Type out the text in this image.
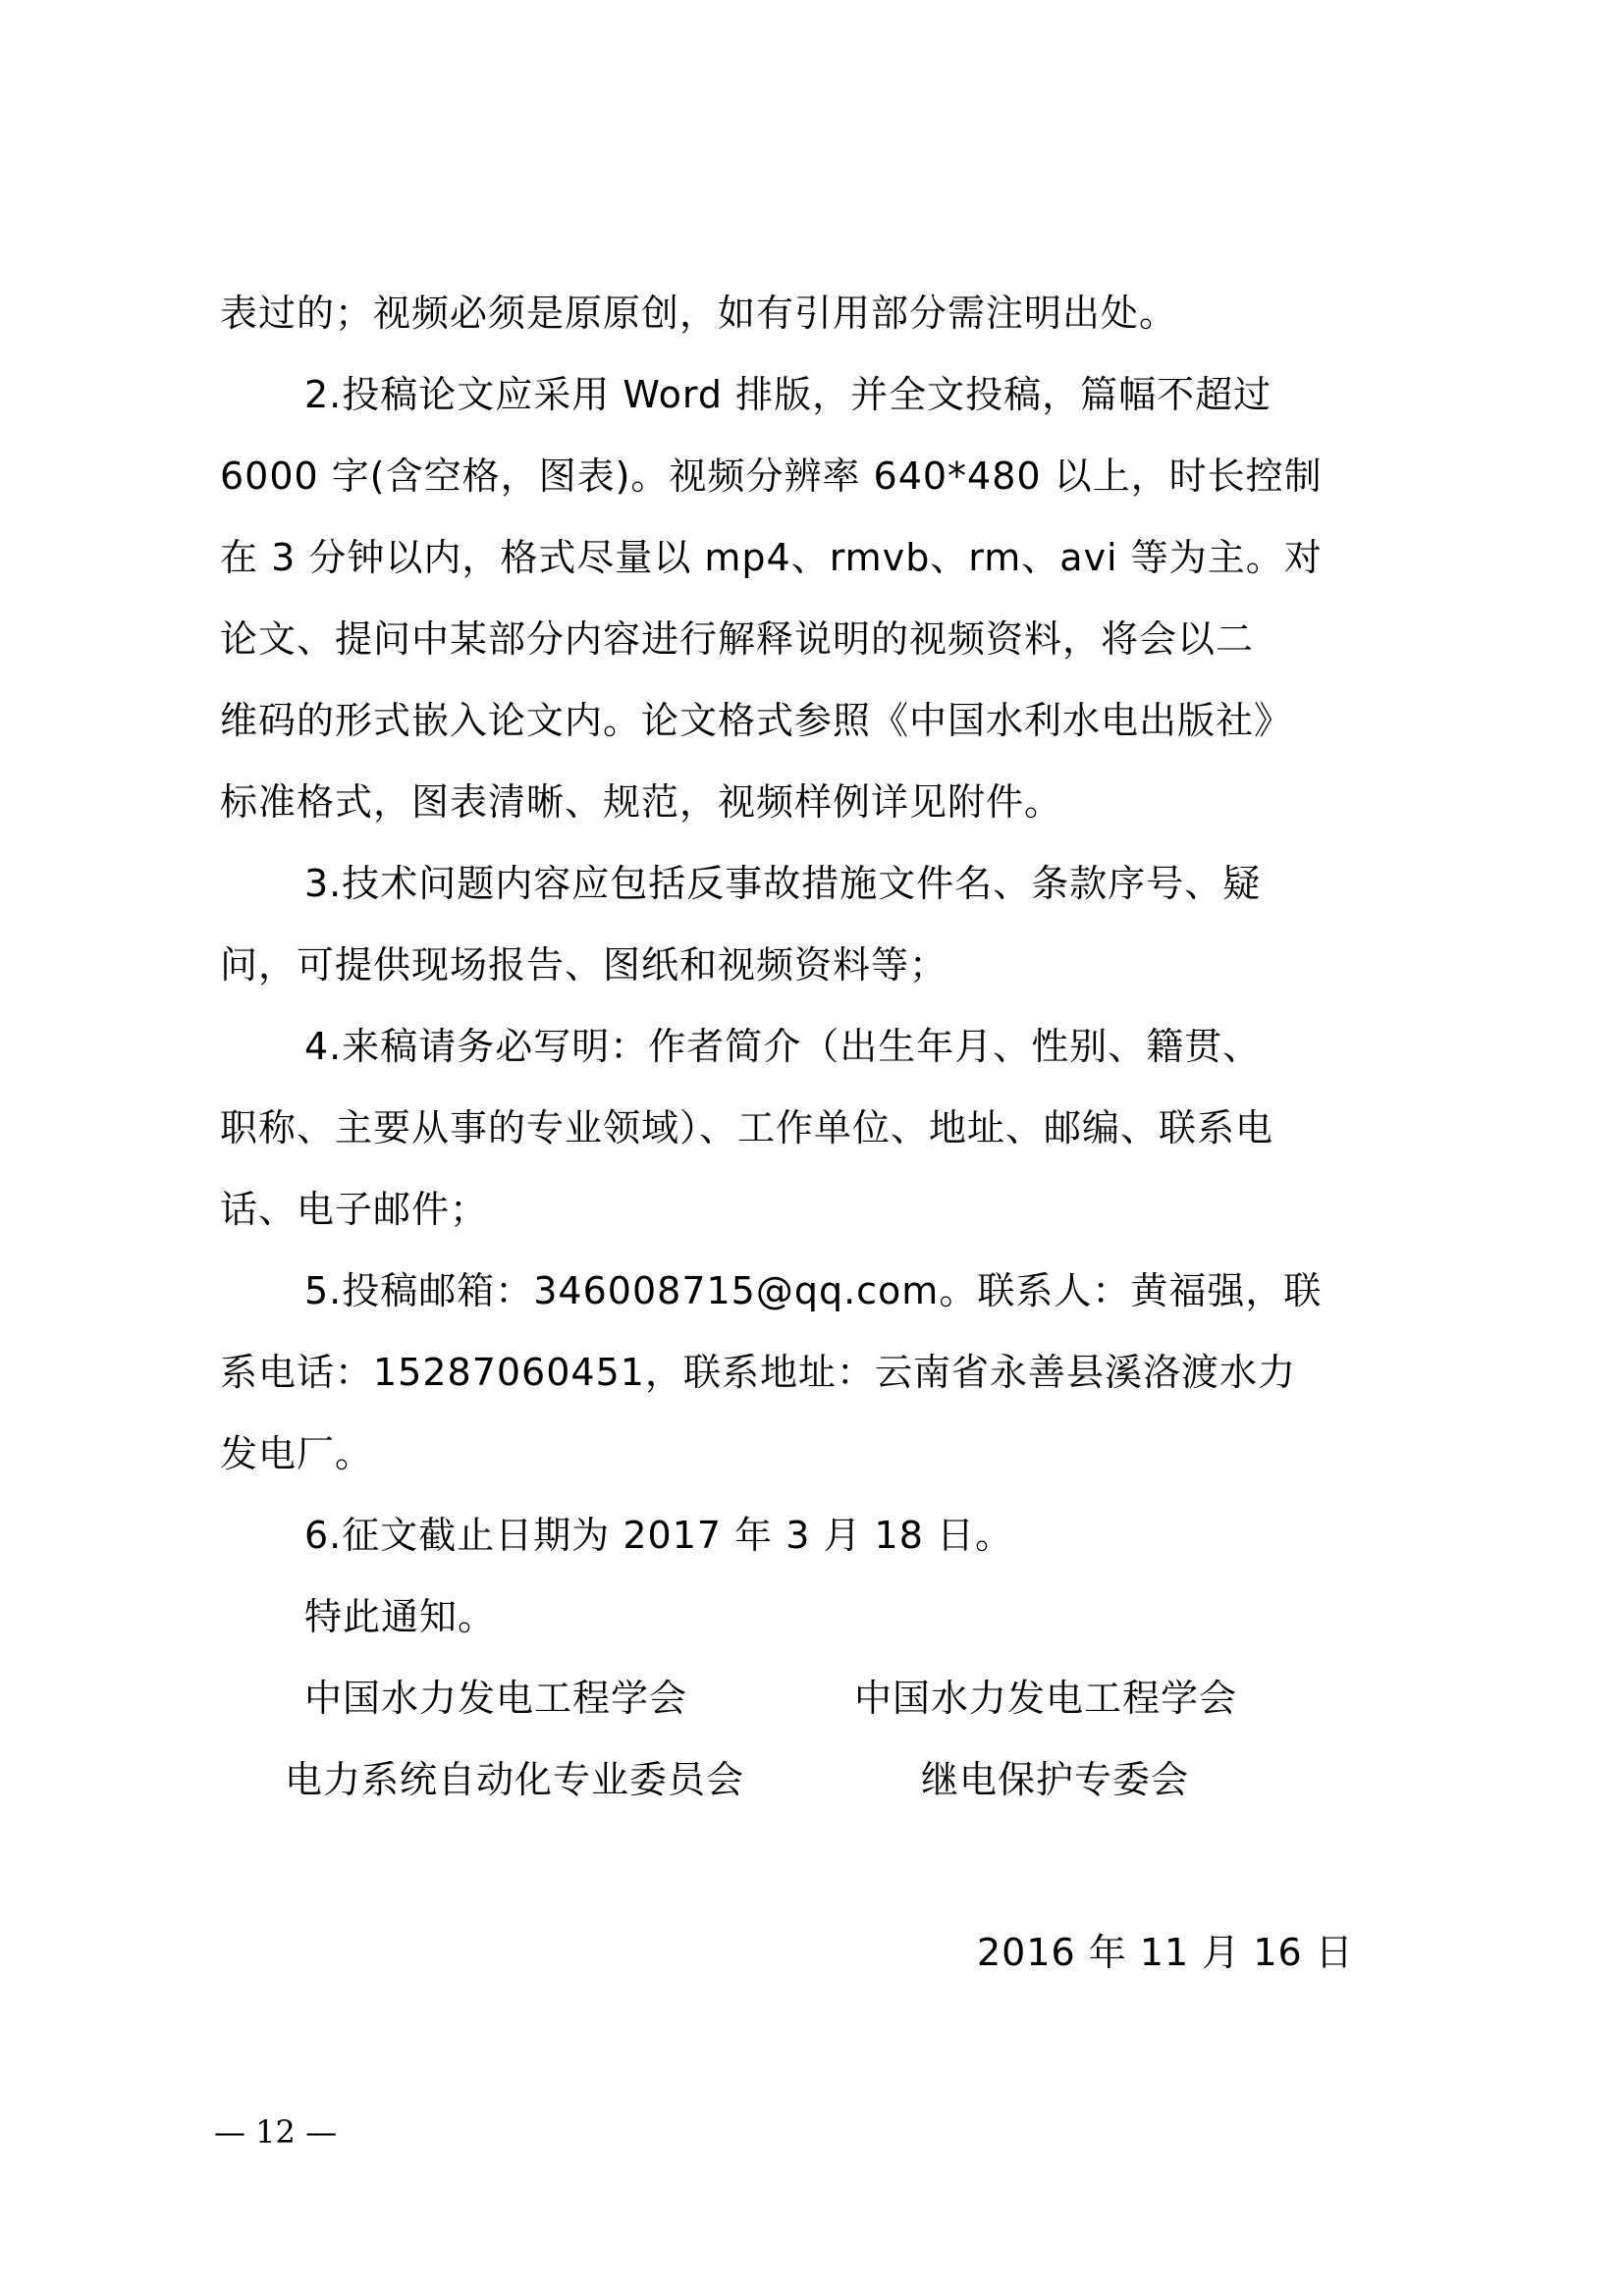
表过的；视频必须是原原创，如有引用部分需注明出处。
2.投稿论文应采用 Word 排版，并全文投稿，篇幅不超过
6000 字(含空格，图表)。视频分辨率 640*480 以上，时长控制
在 3 分钟以内，格式尽量以 mp4、rmvb、rm、avi 等为主。对
论文、提问中某部分内容进行解释说明的视频资料，将会以二
维码的形式嵌入论文内。论文格式参照《中国水利水电出版社》
标准格式，图表清晰、规范，视频样例详见附件。
3.技术问题内容应包括反事故措施文件名、条款序号、疑
问，可提供现场报告、图纸和视频资料等；
4.来稿请务必写明：作者简介（出生年月、性别、籍贯、
职称、主要从事的专业领域）、工作单位、地址、邮编、联系电
话、电子邮件；
5.投稿邮箱：346008715@qq.com。联系人：黄福强，联
系电话：15287060451，联系地址：云南省永善县溪洛渡水力
发电厂。
6.征文截止日期为 2017 年 3 月 18 日。
特此通知。
中国水力发电工程学会	中国水力发电工程学会
电力系统自动化专业委员会	继电保护专委会
2016 年 11 月 16 日
— 12 —
